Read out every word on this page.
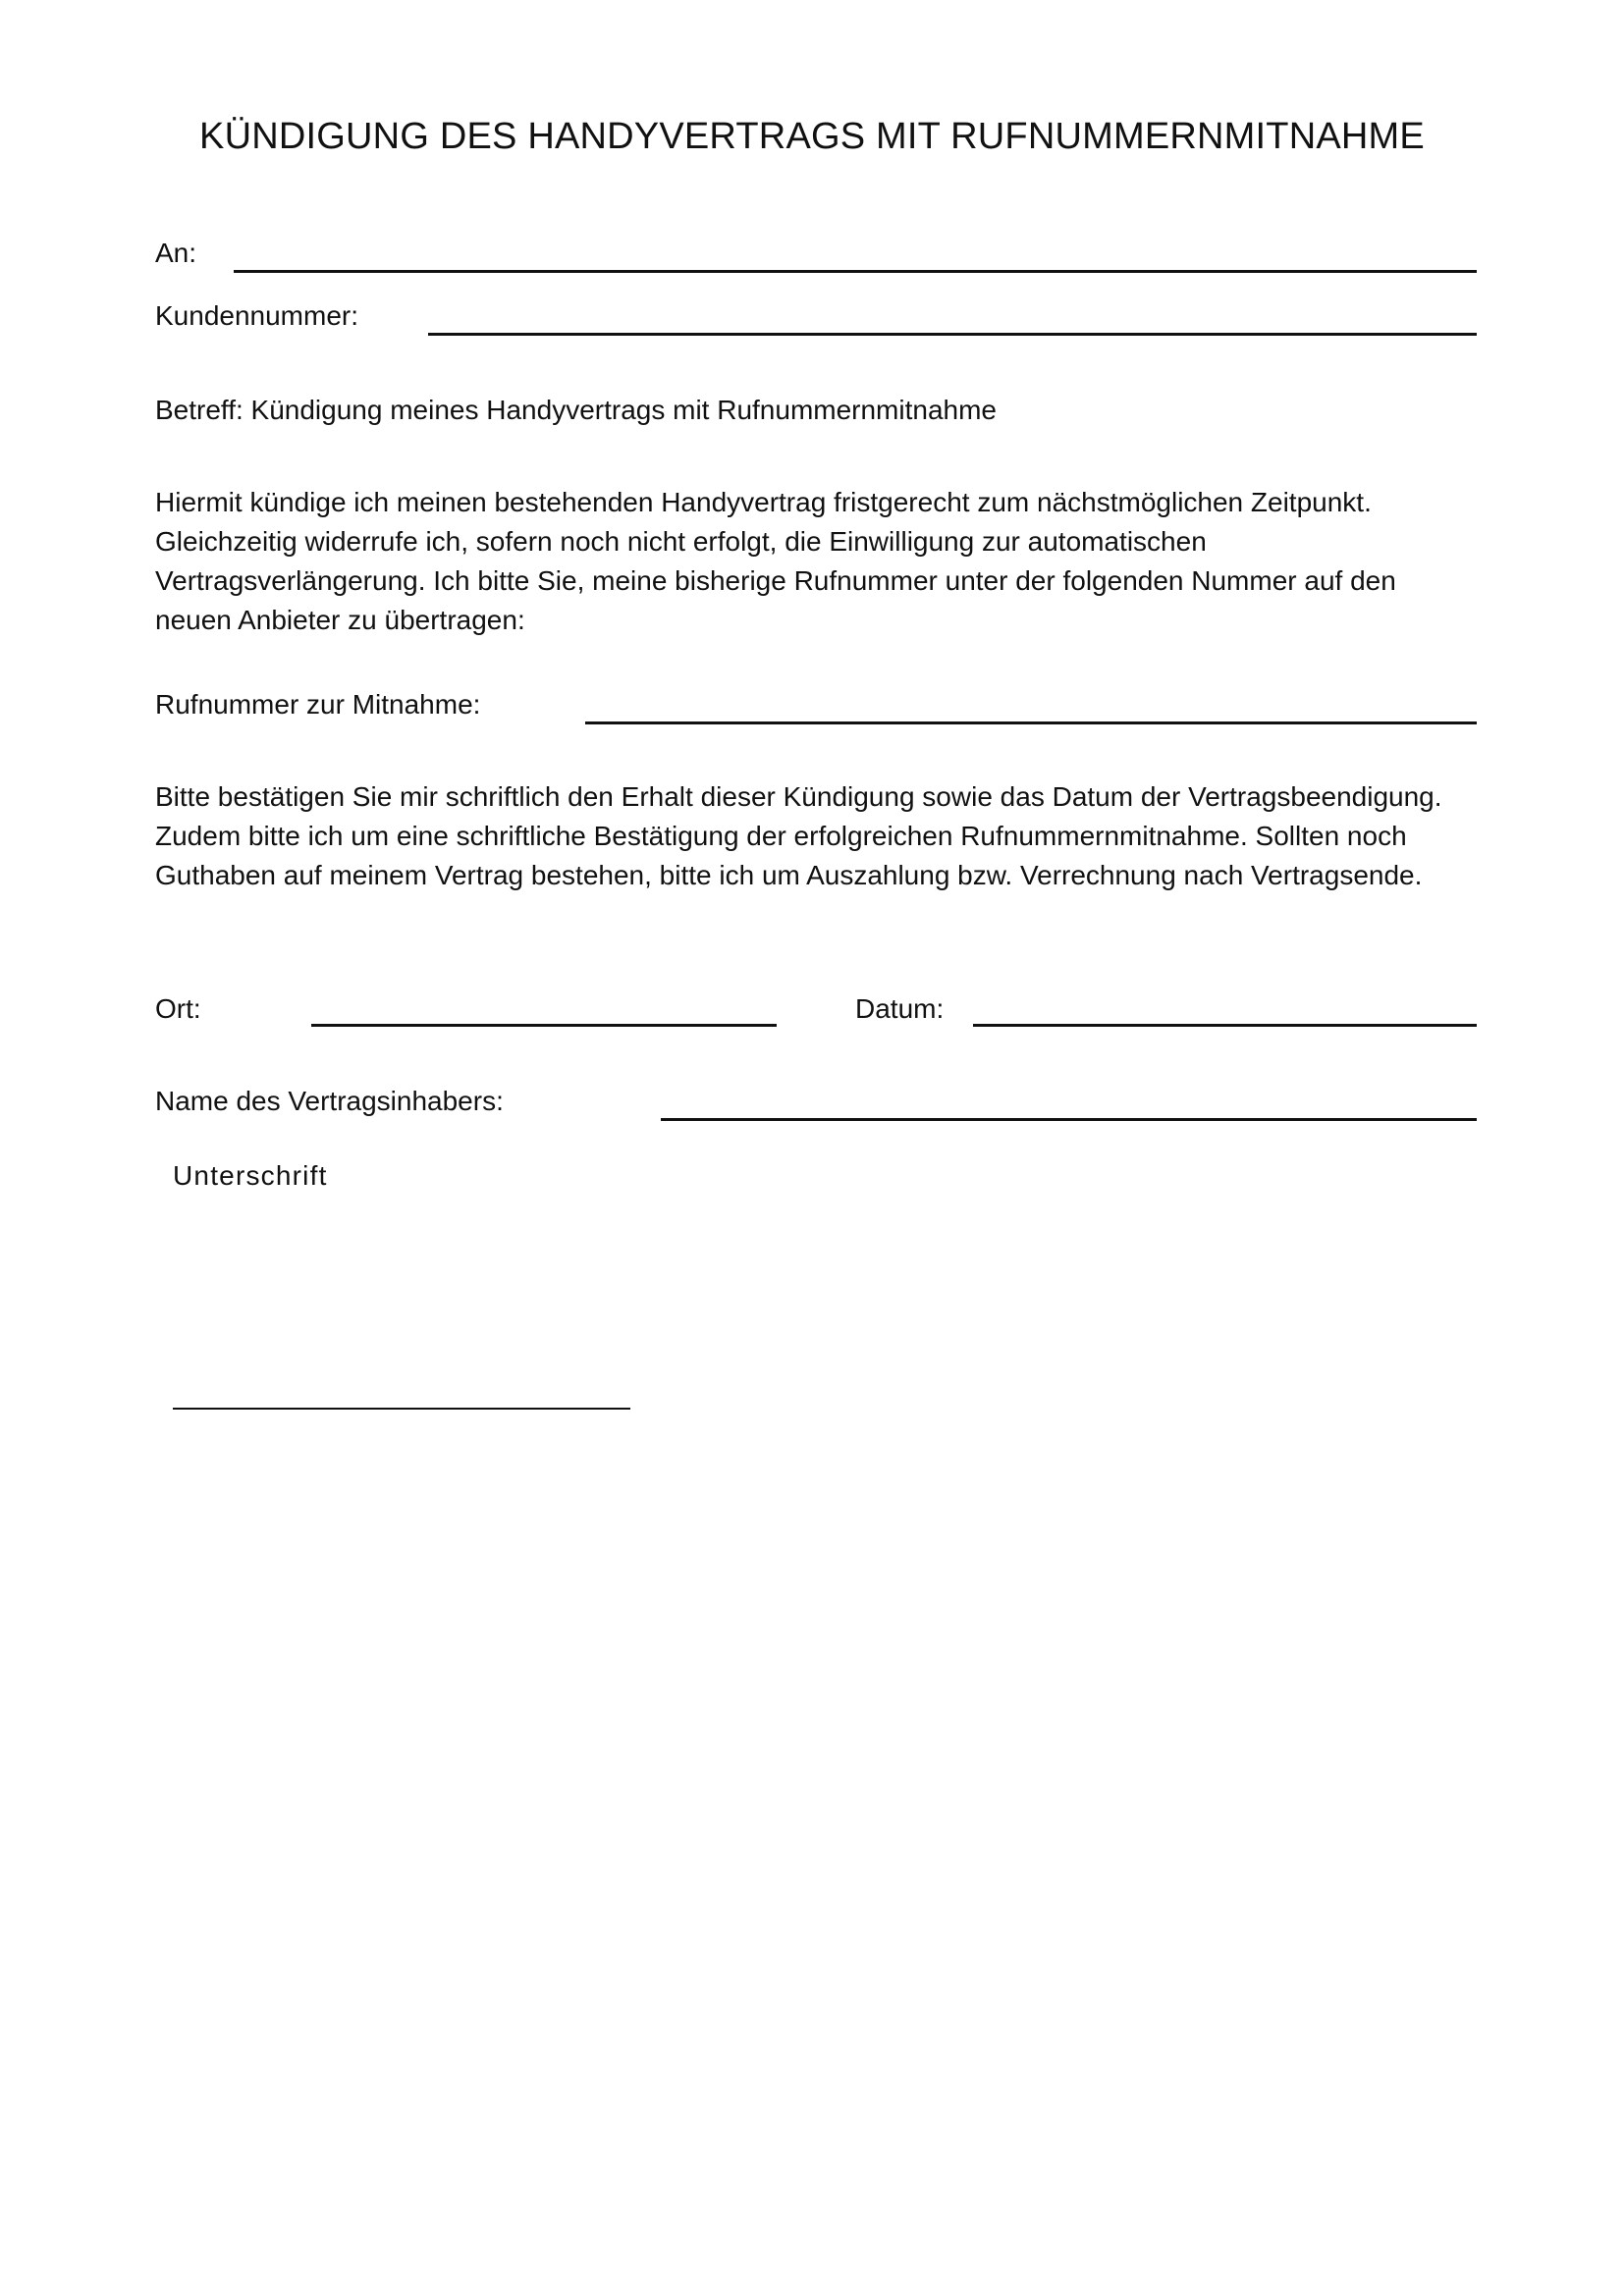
KÜNDIGUNG DES HANDYVERTRAGS MIT RUFNUMMERNMITNAHME
An:
Kundennummer:
Betreff: Kündigung meines Handyvertrags mit Rufnummernmitnahme
Hiermit kündige ich meinen bestehenden Handyvertrag fristgerecht zum nächstmöglichen Zeitpunkt.
Gleichzeitig widerrufe ich, sofern noch nicht erfolgt, die Einwilligung zur automatischen
Vertragsverlängerung. Ich bitte Sie, meine bisherige Rufnummer unter der folgenden Nummer auf den
neuen Anbieter zu übertragen:
Rufnummer zur Mitnahme:
Bitte bestätigen Sie mir schriftlich den Erhalt dieser Kündigung sowie das Datum der Vertragsbeendigung.
Zudem bitte ich um eine schriftliche Bestätigung der erfolgreichen Rufnummernmitnahme. Sollten noch
Guthaben auf meinem Vertrag bestehen, bitte ich um Auszahlung bzw. Verrechnung nach Vertragsende.
Ort:	Datum:
Name des Vertragsinhabers:
Unterschrift
